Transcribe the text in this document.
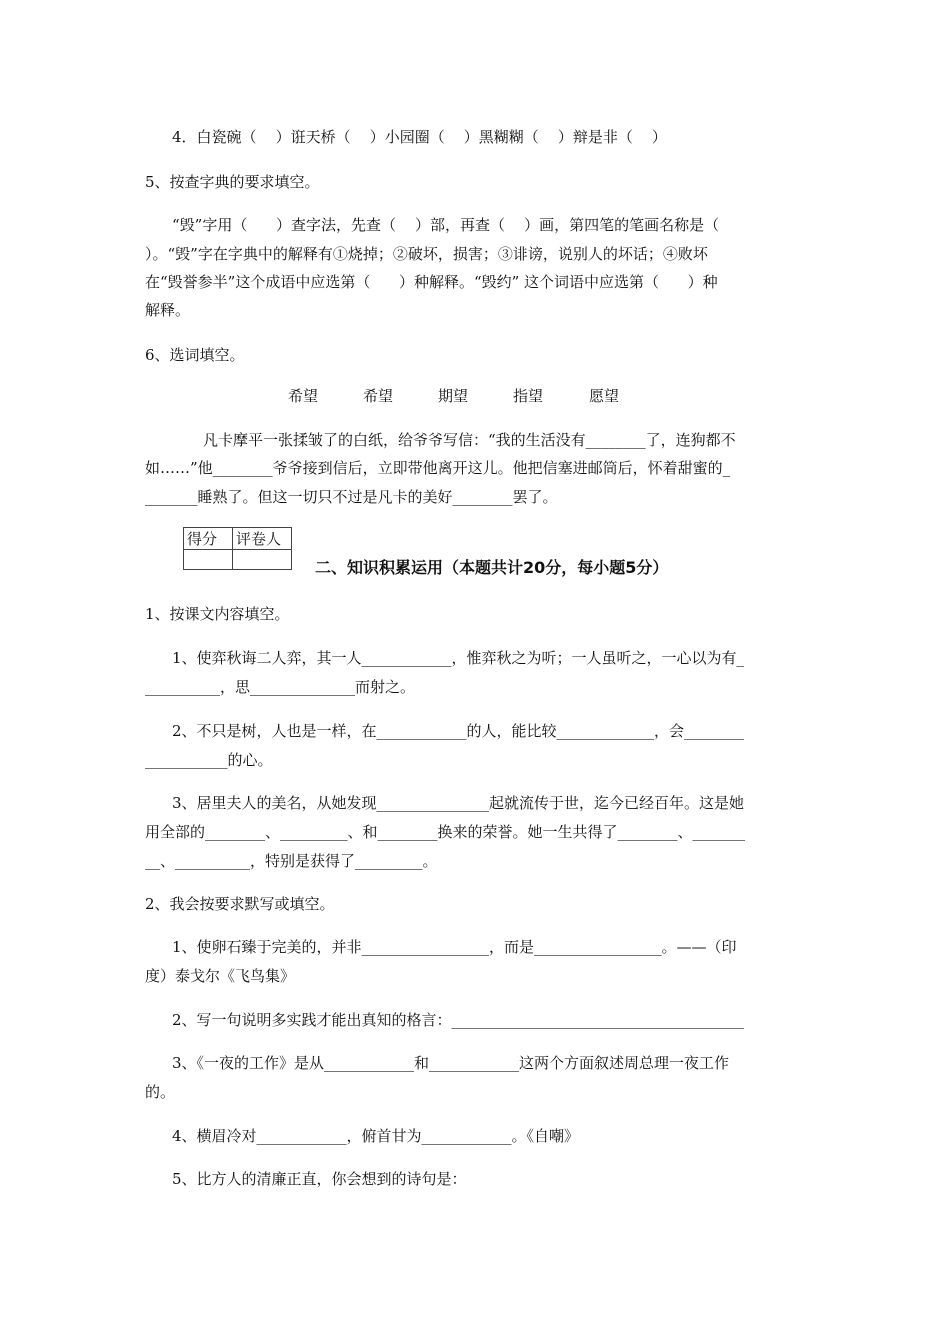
4．白瓷碗（    ）诳天桥（    ）小园圈（    ）黑糊糊（    ）辩是非（    ）
5、按查字典的要求填空。
“毁”字用（      ）查字法，先查（    ）部，再查（    ）画，第四笔的笔画名称是（
）。“毁”字在字典中的解释有①烧掉；②破坏，损害；③诽谤，说别人的坏话；④败坏
在“毁誉参半”这个成语中应选第（      ）种解释。“毁约” 这个词语中应选第（      ）种
解释。
6、选词填空。
希望	希望	期望	指望	愿望
凡卡摩平一张揉皱了的白纸，给爷爷写信：“我的生活没有________了，连狗都不
如……”他________爷爷接到信后，立即带他离开这儿。他把信塞进邮筒后，怀着甜蜜的_
_______睡熟了。但这一切只不过是凡卡的美好________罢了。
得分	评卷人

二、知识积累运用（本题共计20分，每小题5分）
1、按课文内容填空。
1、使弈秋诲二人弈，其一人____________，惟弈秋之为听；一人虽听之，一心以为有_
__________，思______________而射之。
2、不只是树，人也是一样，在____________的人，能比较_____________，会________
___________的心。
3、居里夫人的美名，从她发现_______________起就流传于世，迄今已经百年。这是她
用全部的________、_________、和________换来的荣誉。她一生共得了________、_______
__、__________，特别是获得了_________。
2、我会按要求默写或填空。
1、使卵石臻于完美的，并非_________________，而是_________________。——（印
度）泰戈尔《飞鸟集》
2、写一句说明多实践才能出真知的格言：_______________________________________
3、《一夜的工作》是从____________和____________这两个方面叙述周总理一夜工作
的。
4、横眉冷对____________，俯首甘为____________。《自嘲》
5、比方人的清廉正直，你会想到的诗句是：
